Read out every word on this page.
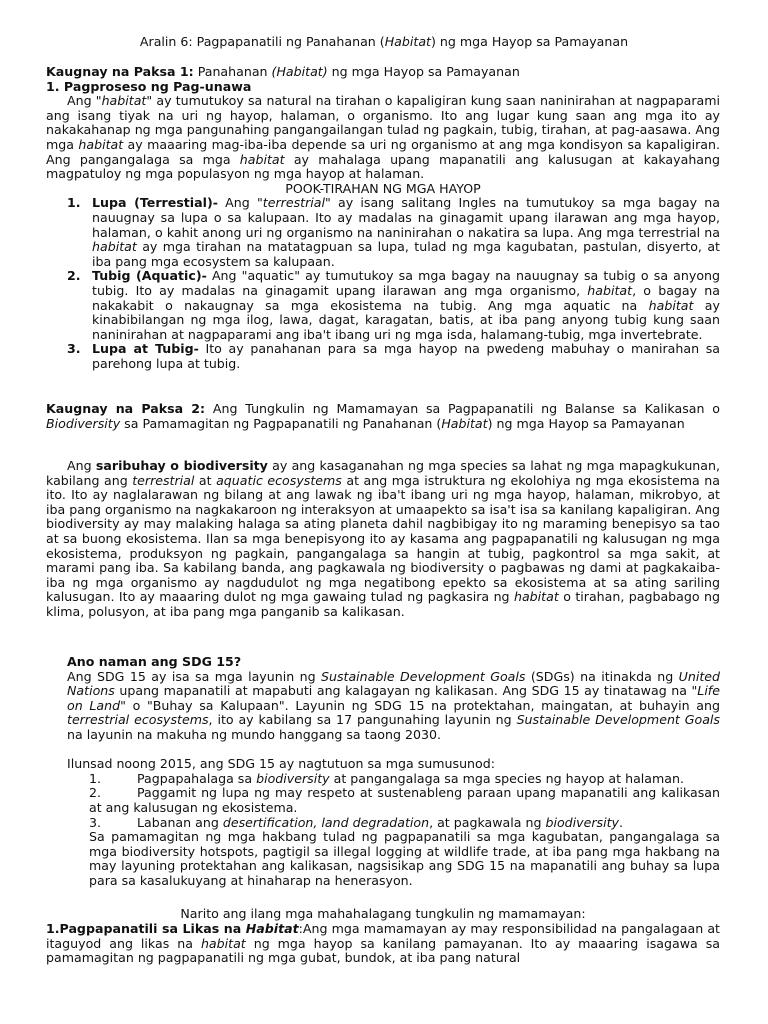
Aralin 6: Pagpapanatili ng Panahanan (Habitat) ng mga Hayop sa Pamayanan

Kaugnay na Paksa 1: Panahanan (Habitat) ng mga Hayop sa Pamayanan

1. Pagproseso ng Pag-unawa

Ang "habitat" ay tumutukoy sa natural na tirahan o kapaligiran kung saan naninirahan at nagpaparami ang isang tiyak na uri ng hayop, halaman, o organismo. Ito ang lugar kung saan ang mga ito ay nakakahanap ng mga pangunahing pangangailangan tulad ng pagkain, tubig, tirahan, at pag-aasawa. Ang mga habitat ay maaaring mag-iba-iba depende sa uri ng organismo at ang mga kondisyon sa kapaligiran. Ang pangangalaga sa mga habitat ay mahalaga upang mapanatili ang kalusugan at kakayahang magpatuloy ng mga populasyon ng mga hayop at halaman.

POOK-TIRAHAN NG MGA HAYOP

1. Lupa (Terrestial)- Ang "terrestrial" ay isang salitang Ingles na tumutukoy sa mga bagay na nauugnay sa lupa o sa kalupaan. Ito ay madalas na ginagamit upang ilarawan ang mga hayop, halaman, o kahit anong uri ng organismo na naninirahan o nakatira sa lupa. Ang mga terrestrial na habitat ay mga tirahan na matatagpuan sa lupa, tulad ng mga kagubatan, pastulan, disyerto, at iba pang mga ecosystem sa kalupaan.
2. Tubig (Aquatic)- Ang "aquatic" ay tumutukoy sa mga bagay na nauugnay sa tubig o sa anyong tubig. Ito ay madalas na ginagamit upang ilarawan ang mga organismo, habitat, o bagay na nakakabit o nakaugnay sa mga ekosistema na tubig. Ang mga aquatic na habitat ay kinabibilangan ng mga ilog, lawa, dagat, karagatan, batis, at iba pang anyong tubig kung saan naninirahan at nagpaparami ang iba't ibang uri ng mga isda, halamang-tubig, mga invertebrate.
3. Lupa at Tubig- Ito ay panahanan para sa mga hayop na pwedeng mabuhay o manirahan sa parehong lupa at tubig.

Kaugnay na Paksa 2: Ang Tungkulin ng Mamamayan sa Pagpapanatili ng Balanse sa Kalikasan o Biodiversity sa Pamamagitan ng Pagpapanatili ng Panahanan (Habitat) ng mga Hayop sa Pamayanan

Ang saribuhay o biodiversity ay ang kasaganahan ng mga species sa lahat ng mga mapagkukunan, kabilang ang terrestrial at aquatic ecosystems at ang mga istruktura ng ekolohiya ng mga ekosistema na ito. Ito ay naglalarawan ng bilang at ang lawak ng iba't ibang uri ng mga hayop, halaman, mikrobyo, at iba pang organismo na nagkakaroon ng interaksyon at umaapekto sa isa't isa sa kanilang kapaligiran. Ang biodiversity ay may malaking halaga sa ating planeta dahil nagbibigay ito ng maraming benepisyo sa tao at sa buong ekosistema. Ilan sa mga benepisyong ito ay kasama ang pagpapanatili ng kalusugan ng mga ekosistema, produksyon ng pagkain, pangangalaga sa hangin at tubig, pagkontrol sa mga sakit, at marami pang iba. Sa kabilang banda, ang pagkawala ng biodiversity o pagbawas ng dami at pagkakaiba-iba ng mga organismo ay nagdudulot ng mga negatibong epekto sa ekosistema at sa ating sariling kalusugan. Ito ay maaaring dulot ng mga gawaing tulad ng pagkasira ng habitat o tirahan, pagbabago ng klima, polusyon, at iba pang mga panganib sa kalikasan.

Ano naman ang SDG 15?

Ang SDG 15 ay isa sa mga layunin ng Sustainable Development Goals (SDGs) na itinakda ng United Nations upang mapanatili at mapabuti ang kalagayan ng kalikasan. Ang SDG 15 ay tinatawag na "Life on Land" o "Buhay sa Kalupaan". Layunin ng SDG 15 na protektahan, maingatan, at buhayin ang terrestrial ecosystems, ito ay kabilang sa 17 pangunahing layunin ng Sustainable Development Goals na layunin na makuha ng mundo hanggang sa taong 2030.

Ilunsad noong 2015, ang SDG 15 ay nagtutuon sa mga sumusunod:

1.	Pagpapahalaga sa biodiversity at pangangalaga sa mga species ng hayop at halaman.

2.	Paggamit ng lupa ng may respeto at sustenableng paraan upang mapanatili ang kalikasan at ang kalusugan ng ekosistema.

3.	Labanan ang desertification, land degradation, at pagkawala ng biodiversity.

Sa pamamagitan ng mga hakbang tulad ng pagpapanatili sa mga kagubatan, pangangalaga sa mga biodiversity hotspots, pagtigil sa illegal logging at wildlife trade, at iba pang mga hakbang na may layuning protektahan ang kalikasan, nagsisikap ang SDG 15 na mapanatili ang buhay sa lupa para sa kasalukuyang at hinaharap na henerasyon.

Narito ang ilang mga mahahalagang tungkulin ng mamamayan:
1.Pagpapanatili sa Likas na Habitat:Ang mga mamamayan ay may responsibilidad na pangalagaan at itaguyod ang likas na habitat ng mga hayop sa kanilang pamayanan. Ito ay maaaring isagawa sa pamamagitan ng pagpapanatili ng mga gubat, bundok, at iba pang natural
